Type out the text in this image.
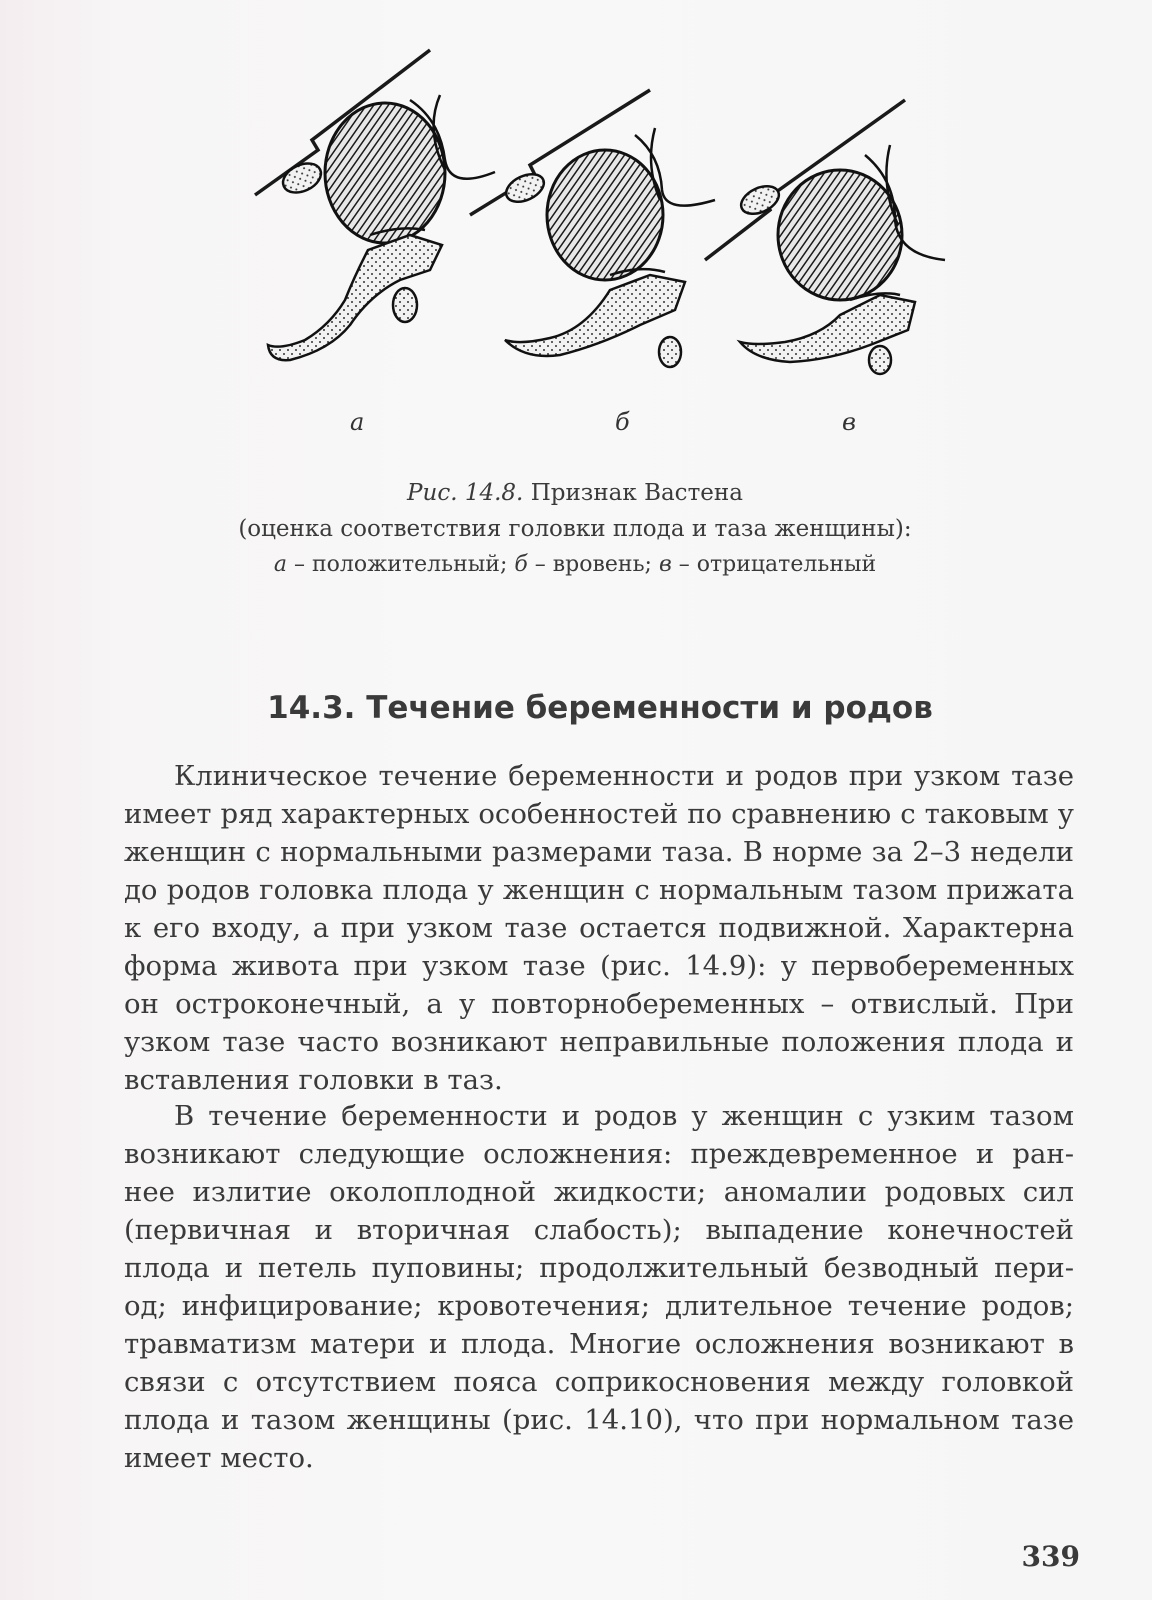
а	б	в
Рис. 14.8. Признак Вастена
(оценка соответствия головки плода и таза женщины):
а – положительный; б – вровень; в – отрицательный
14.3. Течение беременности и родов
Клиническое течение беременности и родов при узком тазе
имеет ряд характерных особенностей по сравнению с таковым у
женщин с нормальными размерами таза. В норме за 2–3 недели
до родов головка плода у женщин с нормальным тазом прижата
к его входу, а при узком тазе остается подвижной. Характерна
форма живота при узком тазе (рис. 14.9): у первобеременных
он остроконечный, а у повторнобеременных – отвислый. При
узком тазе часто возникают неправильные положения плода и
вставления головки в таз.
В течение беременности и родов у женщин с узким тазом
возникают следующие осложнения: преждевременное и ран-
нее излитие околоплодной жидкости; аномалии родовых сил
(первичная и вторичная слабость); выпадение конечностей
плода и петель пуповины; продолжительный безводный пери-
од; инфицирование; кровотечения; длительное течение родов;
травматизм матери и плода. Многие осложнения возникают в
связи с отсутствием пояса соприкосновения между головкой
плода и тазом женщины (рис. 14.10), что при нормальном тазе
имеет место.
339
